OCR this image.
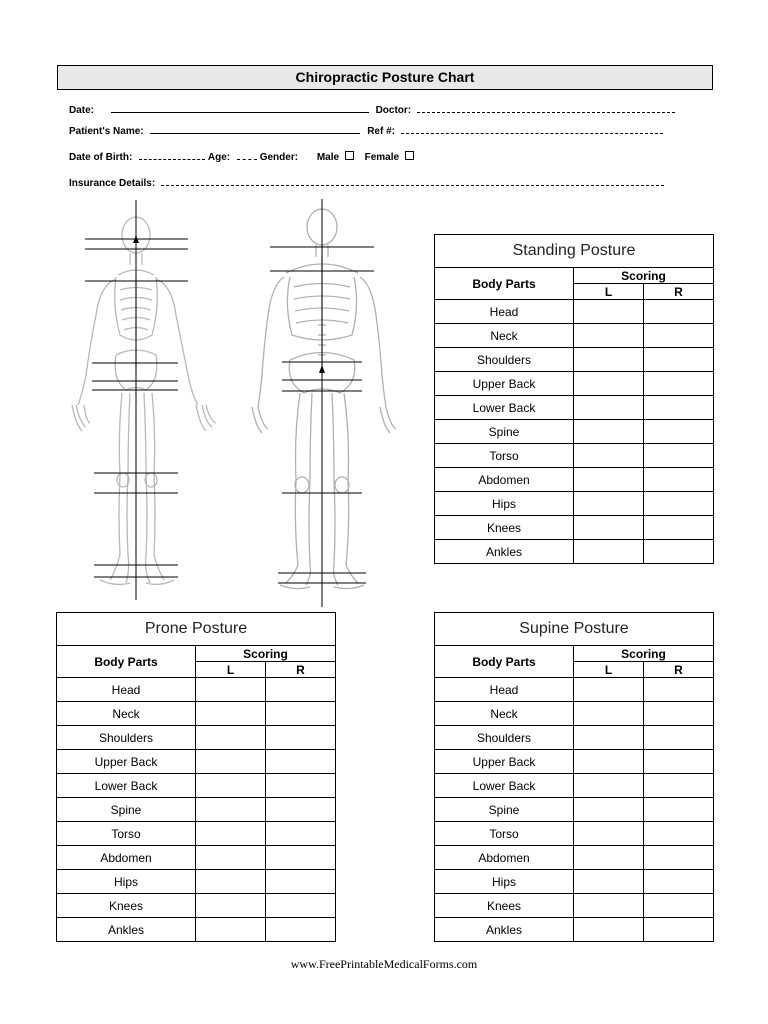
Chiropractic Posture Chart
Date:	Doctor:
Patient's Name:	Ref #:
Date of Birth:	Age:	Gender: Male	Female
Insurance Details:
Standing Posture		
Body Parts	Scoring	
	L	R
Head		
Neck		
Shoulders		
Upper Back		
Lower Back		
Spine		
Torso		
Abdomen		
Hips		
Knees		
Ankles		
Prone Posture		
Body Parts	Scoring	
	L	R
Head		
Neck		
Shoulders		
Upper Back		
Lower Back		
Spine		
Torso		
Abdomen		
Hips		
Knees		
Ankles		
Supine Posture		
Body Parts	Scoring	
	L	R
Head		
Neck		
Shoulders		
Upper Back		
Lower Back		
Spine		
Torso		
Abdomen		
Hips		
Knees		
Ankles		
www.FreePrintableMedicalForms.com
